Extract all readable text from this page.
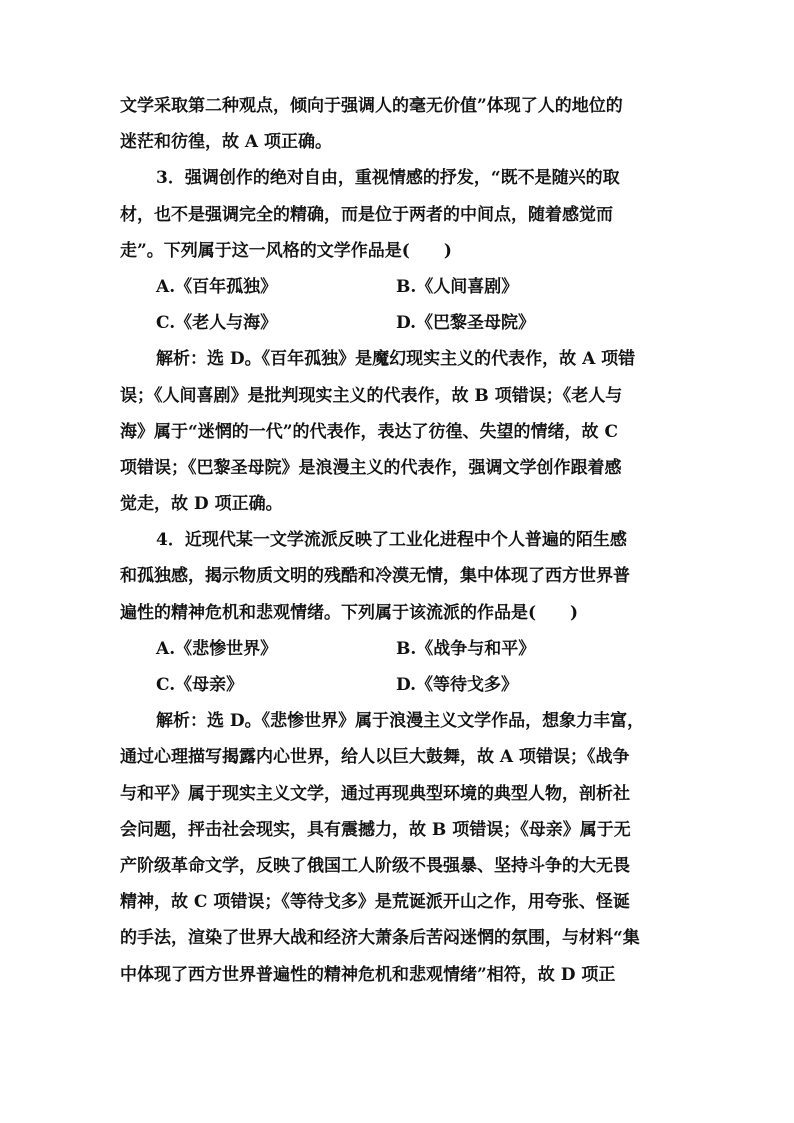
文学采取第二种观点，倾向于强调人的毫无价值”体现了人的地位的
迷茫和彷徨，故 A 项正确。
3．强调创作的绝对自由，重视情感的抒发，“既不是随兴的取
材，也不是强调完全的精确，而是位于两者的中间点，随着感觉而
走”。下列属于这一风格的文学作品是(　　)
A.《百年孤独》	B.《人间喜剧》
C.《老人与海》	D.《巴黎圣母院》
解析：选 D。《百年孤独》是魔幻现实主义的代表作，故 A 项错
误；《人间喜剧》是批判现实主义的代表作，故 B 项错误；《老人与
海》属于“迷惘的一代”的代表作，表达了彷徨、失望的情绪，故 C
项错误；《巴黎圣母院》是浪漫主义的代表作，强调文学创作跟着感
觉走，故 D 项正确。
4．近现代某一文学流派反映了工业化进程中个人普遍的陌生感
和孤独感，揭示物质文明的残酷和冷漠无情，集中体现了西方世界普
遍性的精神危机和悲观情绪。下列属于该流派的作品是(　　)
A.《悲惨世界》	B.《战争与和平》
C.《母亲》	D.《等待戈多》
解析：选 D。《悲惨世界》属于浪漫主义文学作品，想象力丰富，
通过心理描写揭露内心世界，给人以巨大鼓舞，故 A 项错误；《战争
与和平》属于现实主义文学，通过再现典型环境的典型人物，剖析社
会问题，抨击社会现实，具有震撼力，故 B 项错误；《母亲》属于无
产阶级革命文学，反映了俄国工人阶级不畏强暴、坚持斗争的大无畏
精神，故 C 项错误；《等待戈多》是荒诞派开山之作，用夸张、怪诞
的手法，渲染了世界大战和经济大萧条后苦闷迷惘的氛围，与材料“集
中体现了西方世界普遍性的精神危机和悲观情绪”相符，故 D 项正
